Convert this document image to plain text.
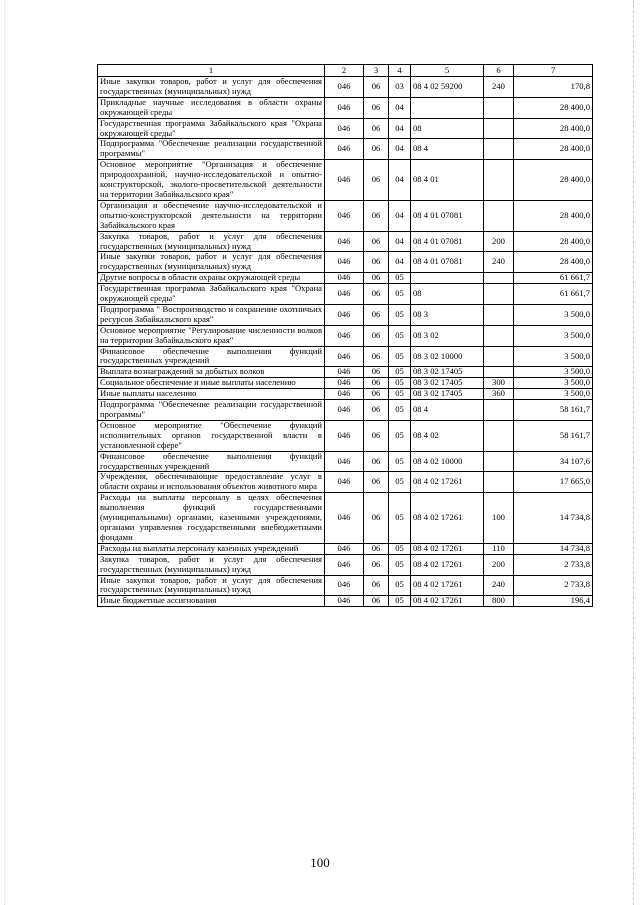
1	2	3	4	5	6	7
Иные закупки товаров, работ и услуг для обеспечения государственных (муниципальных) нужд	046	06	03	08 4 02 59200	240	170,8
Прикладные научные исследования в области охраны окружающей среды	046	06	04			28 400,0
Государственная программа Забайкальского края "Охрана окружающей среды"	046	06	04	08		28 400,0
Подпрограмма "Обеспечение реализации государственной программы"	046	06	04	08 4		28 400,0
Основное мероприятие "Организация и обеспечение природоохранной, научно-исследовательской и опытно- конструкторской, эколого-просветительской деятельности на территории Забайкальского края"	046	06	04	08 4 01		28 400,0
Организация и обеспечение научно-исследовательской и опытно-конструкторской деятельности на территории Забайкальского края	046	06	04	08 4 01 07081		28 400,0
Закупка товаров, работ и услуг для обеспечения государственных (муниципальных) нужд	046	06	04	08 4 01 07081	200	28 400,0
Иные закупки товаров, работ и услуг для обеспечения государственных (муниципальных) нужд	046	06	04	08 4 01 07081	240	28 400,0
Другие вопросы в области охраны окружающей среды	046	06	05			61 661,7
Государственная программа Забайкальского края "Охрана окружающей среды"	046	06	05	08		61 661,7
Подпрограмма " Воспроизводство и сохранение охотничьих ресурсов Забайкальского края"	046	06	05	08 3		3 500,0
Основное мероприятие "Регулирование численности волков на территории Забайкальского края"	046	06	05	08 3 02		3 500,0
Финансовое обеспечение выполнения функций государственных учреждений	046	06	05	08 3 02 10000		3 500,0
Выплата вознаграждений за добытых волков	046	06	05	08 3 02 17405		3 500,0
Социальное обеспечение и иные выплаты населению	046	06	05	08 3 02 17405	300	3 500,0
Иные выплаты населению	046	06	05	08 3 02 17405	360	3 500,0
Подпрограмма "Обеспечение реализации государственной программы"	046	06	05	08 4		58 161,7
Основное мероприятие "Обеспечение функций исполнительных органов государственной власти в установленной сфере"	046	06	05	08 4 02		58 161,7
Финансовое обеспечение выполнения функций государственных учреждений	046	06	05	08 4 02 10000		34 107,6
Учреждения, обеспечивающие предоставление услуг в области охраны и использования объектов животного мира	046	06	05	08 4 02 17261		17 665,0
Расходы на выплаты персоналу в целях обеспечения выполнения функций государственными (муниципальными) органами, казенными учреждениями, органами управления государственными внебюджетными фондами	046	06	05	08 4 02 17261	100	14 734,8
Расходы на выплаты персоналу казенных учреждений	046	06	05	08 4 02 17261	110	14 734,8
Закупка товаров, работ и услуг для обеспечения государственных (муниципальных) нужд	046	06	05	08 4 02 17261	200	2 733,8
Иные закупки товаров, работ и услуг для обеспечения государственных (муниципальных) нужд	046	06	05	08 4 02 17261	240	2 733,8
Иные бюджетные ассигнования	046	06	05	08 4 02 17261	800	196,4
100
